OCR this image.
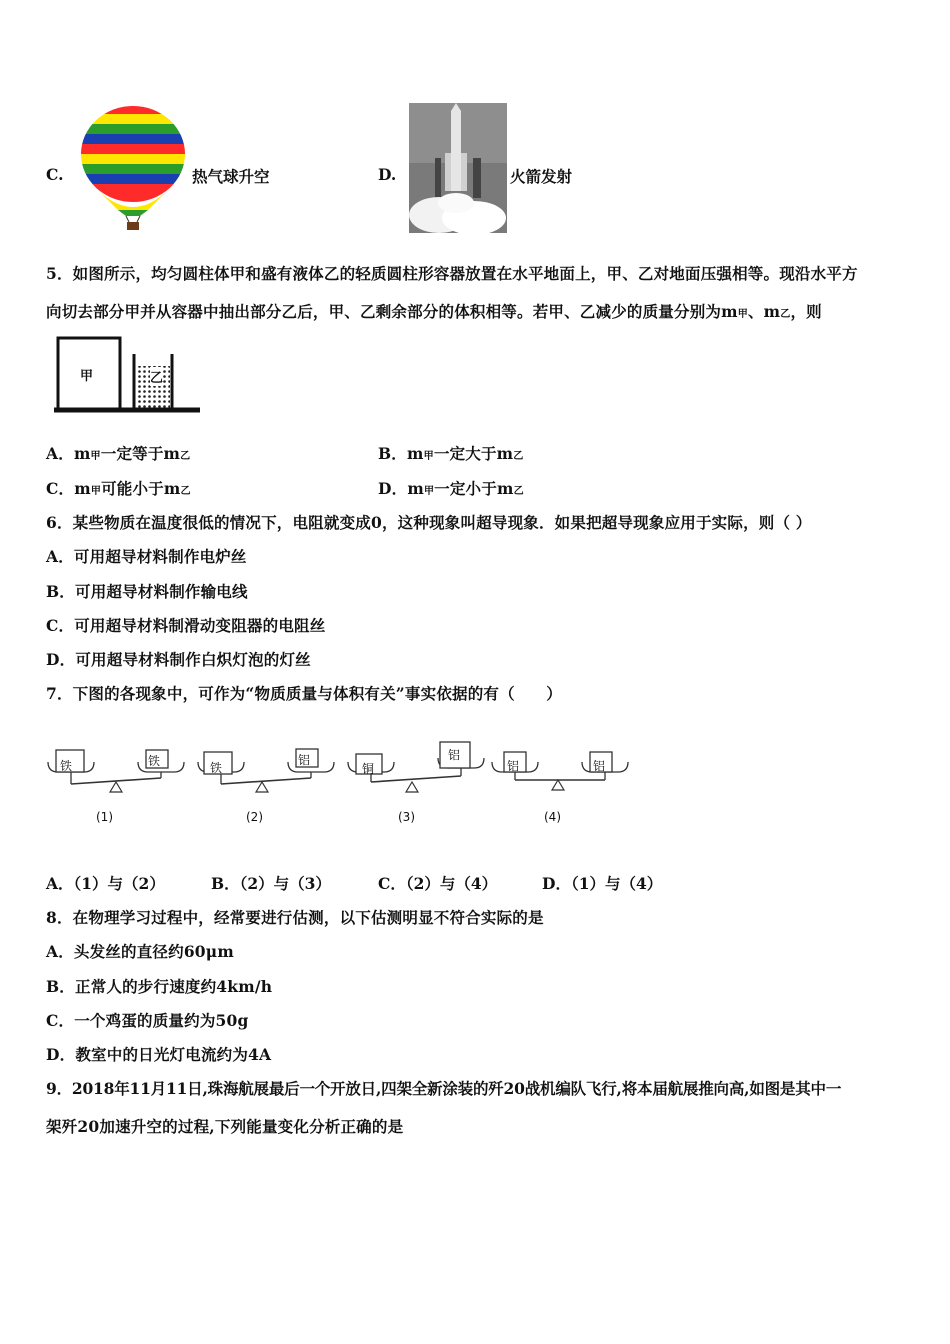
C.	热气球升空	D.	火箭发射
5．如图所示，均匀圆柱体甲和盛有液体乙的轻质圆柱形容器放置在水平地面上，甲、乙对地面压强相等。现沿水平方
向切去部分甲并从容器中抽出部分乙后，甲、乙剩余部分的体积相等。若甲、乙减少的质量分别为m甲、m乙，则
甲	乙
A．m甲一定等于m乙	B．m甲一定大于m乙
C．m甲可能小于m乙	D．m甲一定小于m乙
6．某些物质在温度很低的情况下，电阻就变成0，这种现象叫超导现象．如果把超导现象应用于实际，则（ ）
A．可用超导材料制作电炉丝
B．可用超导材料制作输电线
C．可用超导材料制滑动变阻器的电阻丝
D．可用超导材料制作白炽灯泡的灯丝
7．下图的各现象中，可作为“物质质量与体积有关”事实依据的有（　　）
铁	铁
(1)
铁
铝
(2)
铜
铝
(3)
铝	铝
(4)
A．（1）与（2）	B．（2）与（3）	C．（2）与（4）	D．（1）与（4）
8．在物理学习过程中，经常要进行估测，以下估测明显不符合实际的是
A．头发丝的直径约60μm
B．正常人的步行速度约4km/h
C．一个鸡蛋的质量约为50g
D．教室中的日光灯电流约为4A
9．2018年11月11日,珠海航展最后一个开放日,四架全新涂装的歼20战机编队飞行,将本届航展推向高,如图是其中一
架歼20加速升空的过程,下列能量变化分析正确的是
